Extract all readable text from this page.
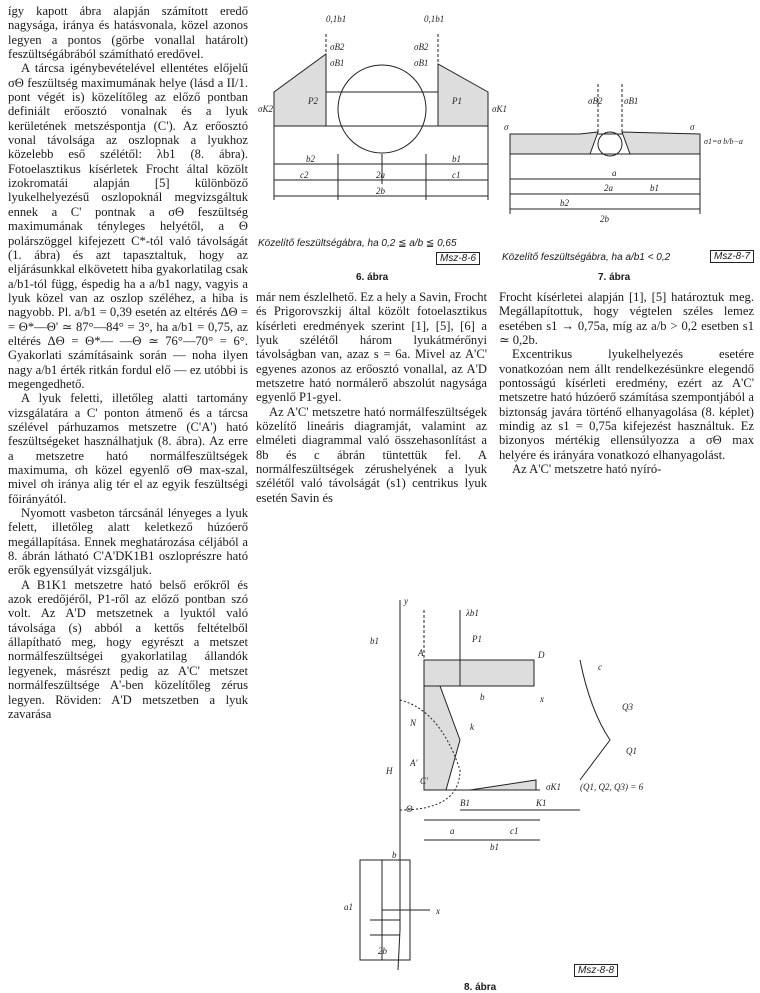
így kapott ábra alapján számított eredő nagysága, iránya és hatásvonala, közel azonos legyen a pontos (görbe vonallal határolt) feszültségábrából számítható eredővel.

A tárcsa igénybevételével ellentétes előjelű σΘ feszültség maximumának helye (lásd a II/1. pont végét is) közelítőleg az előző pontban definiált erőosztó vonalnak és a lyuk kerületének metszéspontja (C'). Az erőosztó vonal távolsága az oszlopnak a lyukhoz közelebb eső szélétől: λb1 (8. ábra). Fotoelasztikus kísérletek Frocht által közölt izokromatái alapján [5] különböző lyukelhelyezésű oszlopoknál megvizsgáltuk ennek a C' pontnak a σΘ feszültség maximumának tényleges helyétől, a Θ polárszöggel kifejezett C*-tól való távolságát (1. ábra) és azt tapasztaltuk, hogy az eljárásunkkal elkövetett hiba gyakorlatilag csak a/b1-tól függ, éspedig ha a a/b1 nagy, vagyis a lyuk közel van az oszlop széléhez, a hiba is nagyobb. Pl. a/b1 = 0,39 esetén az eltérés ΔΘ = = Θ*—Θ' ≃ 87°—84° = 3°, ha a/b1 = 0,75, az eltérés ΔΘ = Θ*— —Θ ≃ 76°—70° = 6°. Gyakorlati számításaink során — noha ilyen nagy a/b1 érték ritkán fordul elő — ez utóbbi is megengedhető.

A lyuk feletti, illetőleg alatti tartomány vizsgálatára a C' ponton átmenő és a tárcsa szélével párhuzamos metszetre (C'A') ható feszültségeket használhatjuk (8. ábra). Az erre a metszetre ható normálfeszültségek maximuma, σh közel egyenlő σΘ max-szal, mivel σh iránya alig tér el az egyik feszültségi főirányától.

Nyomott vasbeton tárcsánál lényeges a lyuk felett, illetőleg alatt keletkező húzóerő megállapítása. Ennek meghatározása céljából a 8. ábrán látható C'A'DK1B1 oszloprészre ható erők egyensúlyát vizsgáljuk.

A B1K1 metszetre ható belső erőkről és azok eredőjéről, P1-ről az előző pontban szó volt. Az A'D metszetnek a lyuktól való távolsága (s) abból a kettős feltételből állapítható meg, hogy egyrészt a metszet normálfeszültségei gyakorlatilag állandók legyenek, másrészt pedig az A'C' metszet normálfeszültsége A'-ben közelítőleg zérus legyen. Röviden: A'D metszetben a lyuk zavarása

már nem észlelhető. Ez a hely a Savin, Frocht és Prigorovszkij által közölt fotoelasztikus kísérleti eredmények szerint [1], [5], [6] a lyuk szélétől három lyukátmérőnyi távolságban van, azaz s = 6a. Mivel az A'C' egyenes azonos az erőosztó vonallal, az A'D metszetre ható normálerő abszolút nagysága egyenlő P1-gyel.

Az A'C' metszetre ható normálfeszültségek közelítő lineáris diagramját, valamint az elméleti diagrammal való összehasonlítást a 8b és c ábrán tüntettük fel. A normálfeszültségek zérushelyének a lyuk szélétől való távolságát (s1) centrikus lyuk esetén Savin és

Frocht kísérletei alapján [1], [5] határoztuk meg. Megállapítottuk, hogy végtelen széles lemez esetében s1 → 0,75a, míg az a/b > 0,2 esetben s1 ≃ 0,2b.

Excentrikus lyukelhelyezés esetére vonatkozóan nem állt rendelkezésünkre elegendő pontosságú kísérleti eredmény, ezért az A'C' metszetre ható húzóerő számítása szempontjából a biztonság javára történő elhanyagolása (8. képlet) mindig az s1 = 0,75a kifejezést használtuk. Ez bizonyos mértékig ellensúlyozza a σΘ max helyére és irányára vonatkozó elhanyagolást.

Az A'C' metszetre ható nyíró-

0,1b1	0,1b1
σB2
σB1
σB2
σB1
σK2	σK1
P2	P1
b2
c2	2a	c1
b1
2b
Közelítő feszültségábra, ha 0,2 ≦ a/b ≦ 0,65
Msz-8-6
6. ábra
σB2 σB1
σ	σ
a
2a
b2
b1
2b
σ1=σ b/b−a
Közelítő feszültségábra, ha a/b1 < 0,2	Msz-8-7
7. ábra
y
b1
λb1
P1
A	D
b
N
H
k
A'
C'
Θ
B1	K1
σK1
c1
a
b1
c
Q3
Q1
(Q1, Q2, Q3) = 6
x
b
a1
2b
x
Msz-8-8
8. ábra
